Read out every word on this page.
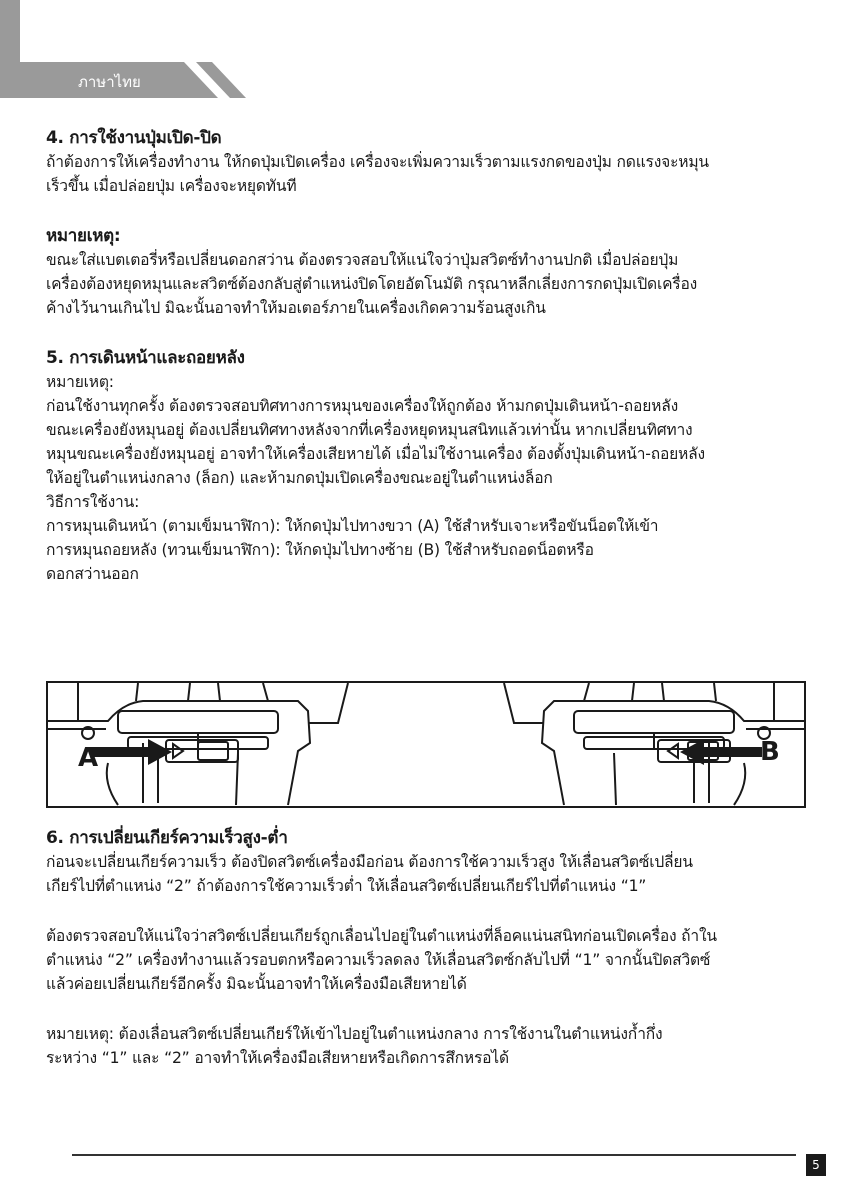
ภาษาไทย
4. การใช้งานปุ่มเปิด-ปิด

ถ้าต้องการให้เครื่องทำงาน ให้กดปุ่มเปิดเครื่อง เครื่องจะเพิ่มความเร็วตามแรงกดของปุ่ม กดแรงจะหมุน

เร็วขึ้น เมื่อปล่อยปุ่ม เครื่องจะหยุดทันที

หมายเหตุ:

ขณะใส่แบตเตอรี่หรือเปลี่ยนดอกสว่าน ต้องตรวจสอบให้แน่ใจว่าปุ่มสวิตซ์ทำงานปกติ เมื่อปล่อยปุ่ม

เครื่องต้องหยุดหมุนและสวิตซ์ต้องกลับสู่ตำแหน่งปิดโดยอัตโนมัติ กรุณาหลีกเลี่ยงการกดปุ่มเปิดเครื่อง

ค้างไว้นานเกินไป มิฉะนั้นอาจทำให้มอเตอร์ภายในเครื่องเกิดความร้อนสูงเกิน

5. การเดินหน้าและถอยหลัง

หมายเหตุ:

ก่อนใช้งานทุกครั้ง ต้องตรวจสอบทิศทางการหมุนของเครื่องให้ถูกต้อง ห้ามกดปุ่มเดินหน้า-ถอยหลัง

ขณะเครื่องยังหมุนอยู่ ต้องเปลี่ยนทิศทางหลังจากที่เครื่องหยุดหมุนสนิทแล้วเท่านั้น หากเปลี่ยนทิศทาง

หมุนขณะเครื่องยังหมุนอยู่ อาจทำให้เครื่องเสียหายได้ เมื่อไม่ใช้งานเครื่อง ต้องตั้งปุ่มเดินหน้า-ถอยหลัง

ให้อยู่ในตำแหน่งกลาง (ล็อก) และห้ามกดปุ่มเปิดเครื่องขณะอยู่ในตำแหน่งล็อก

วิธีการใช้งาน:

การหมุนเดินหน้า (ตามเข็มนาฬิกา): ให้กดปุ่มไปทางขวา (A) ใช้สำหรับเจาะหรือขันน็อตให้เข้า

การหมุนถอยหลัง (ทวนเข็มนาฬิกา): ให้กดปุ่มไปทางซ้าย (B) ใช้สำหรับถอดน็อตหรือ

ดอกสว่านออก

A	B
6. การเปลี่ยนเกียร์ความเร็วสูง-ต่ำ

ก่อนจะเปลี่ยนเกียร์ความเร็ว ต้องปิดสวิตซ์เครื่องมือก่อน ต้องการใช้ความเร็วสูง ให้เลื่อนสวิตซ์เปลี่ยน

เกียร์ไปที่ตำแหน่ง “2” ถ้าต้องการใช้ความเร็วต่ำ ให้เลื่อนสวิตซ์เปลี่ยนเกียร์ไปที่ตำแหน่ง “1”

ต้องตรวจสอบให้แน่ใจว่าสวิตซ์เปลี่ยนเกียร์ถูกเลื่อนไปอยู่ในตำแหน่งที่ล็อคแน่นสนิทก่อนเปิดเครื่อง ถ้าใน

ตำแหน่ง “2” เครื่องทำงานแล้วรอบตกหรือความเร็วลดลง ให้เลื่อนสวิตซ์กลับไปที่ “1” จากนั้นปิดสวิตซ์

แล้วค่อยเปลี่ยนเกียร์อีกครั้ง มิฉะนั้นอาจทำให้เครื่องมือเสียหายได้

หมายเหตุ: ต้องเลื่อนสวิตซ์เปลี่ยนเกียร์ให้เข้าไปอยู่ในตำแหน่งกลาง การใช้งานในตำแหน่งก้ำกึ่ง

ระหว่าง “1” และ “2” อาจทำให้เครื่องมือเสียหายหรือเกิดการสึกหรอได้

5
